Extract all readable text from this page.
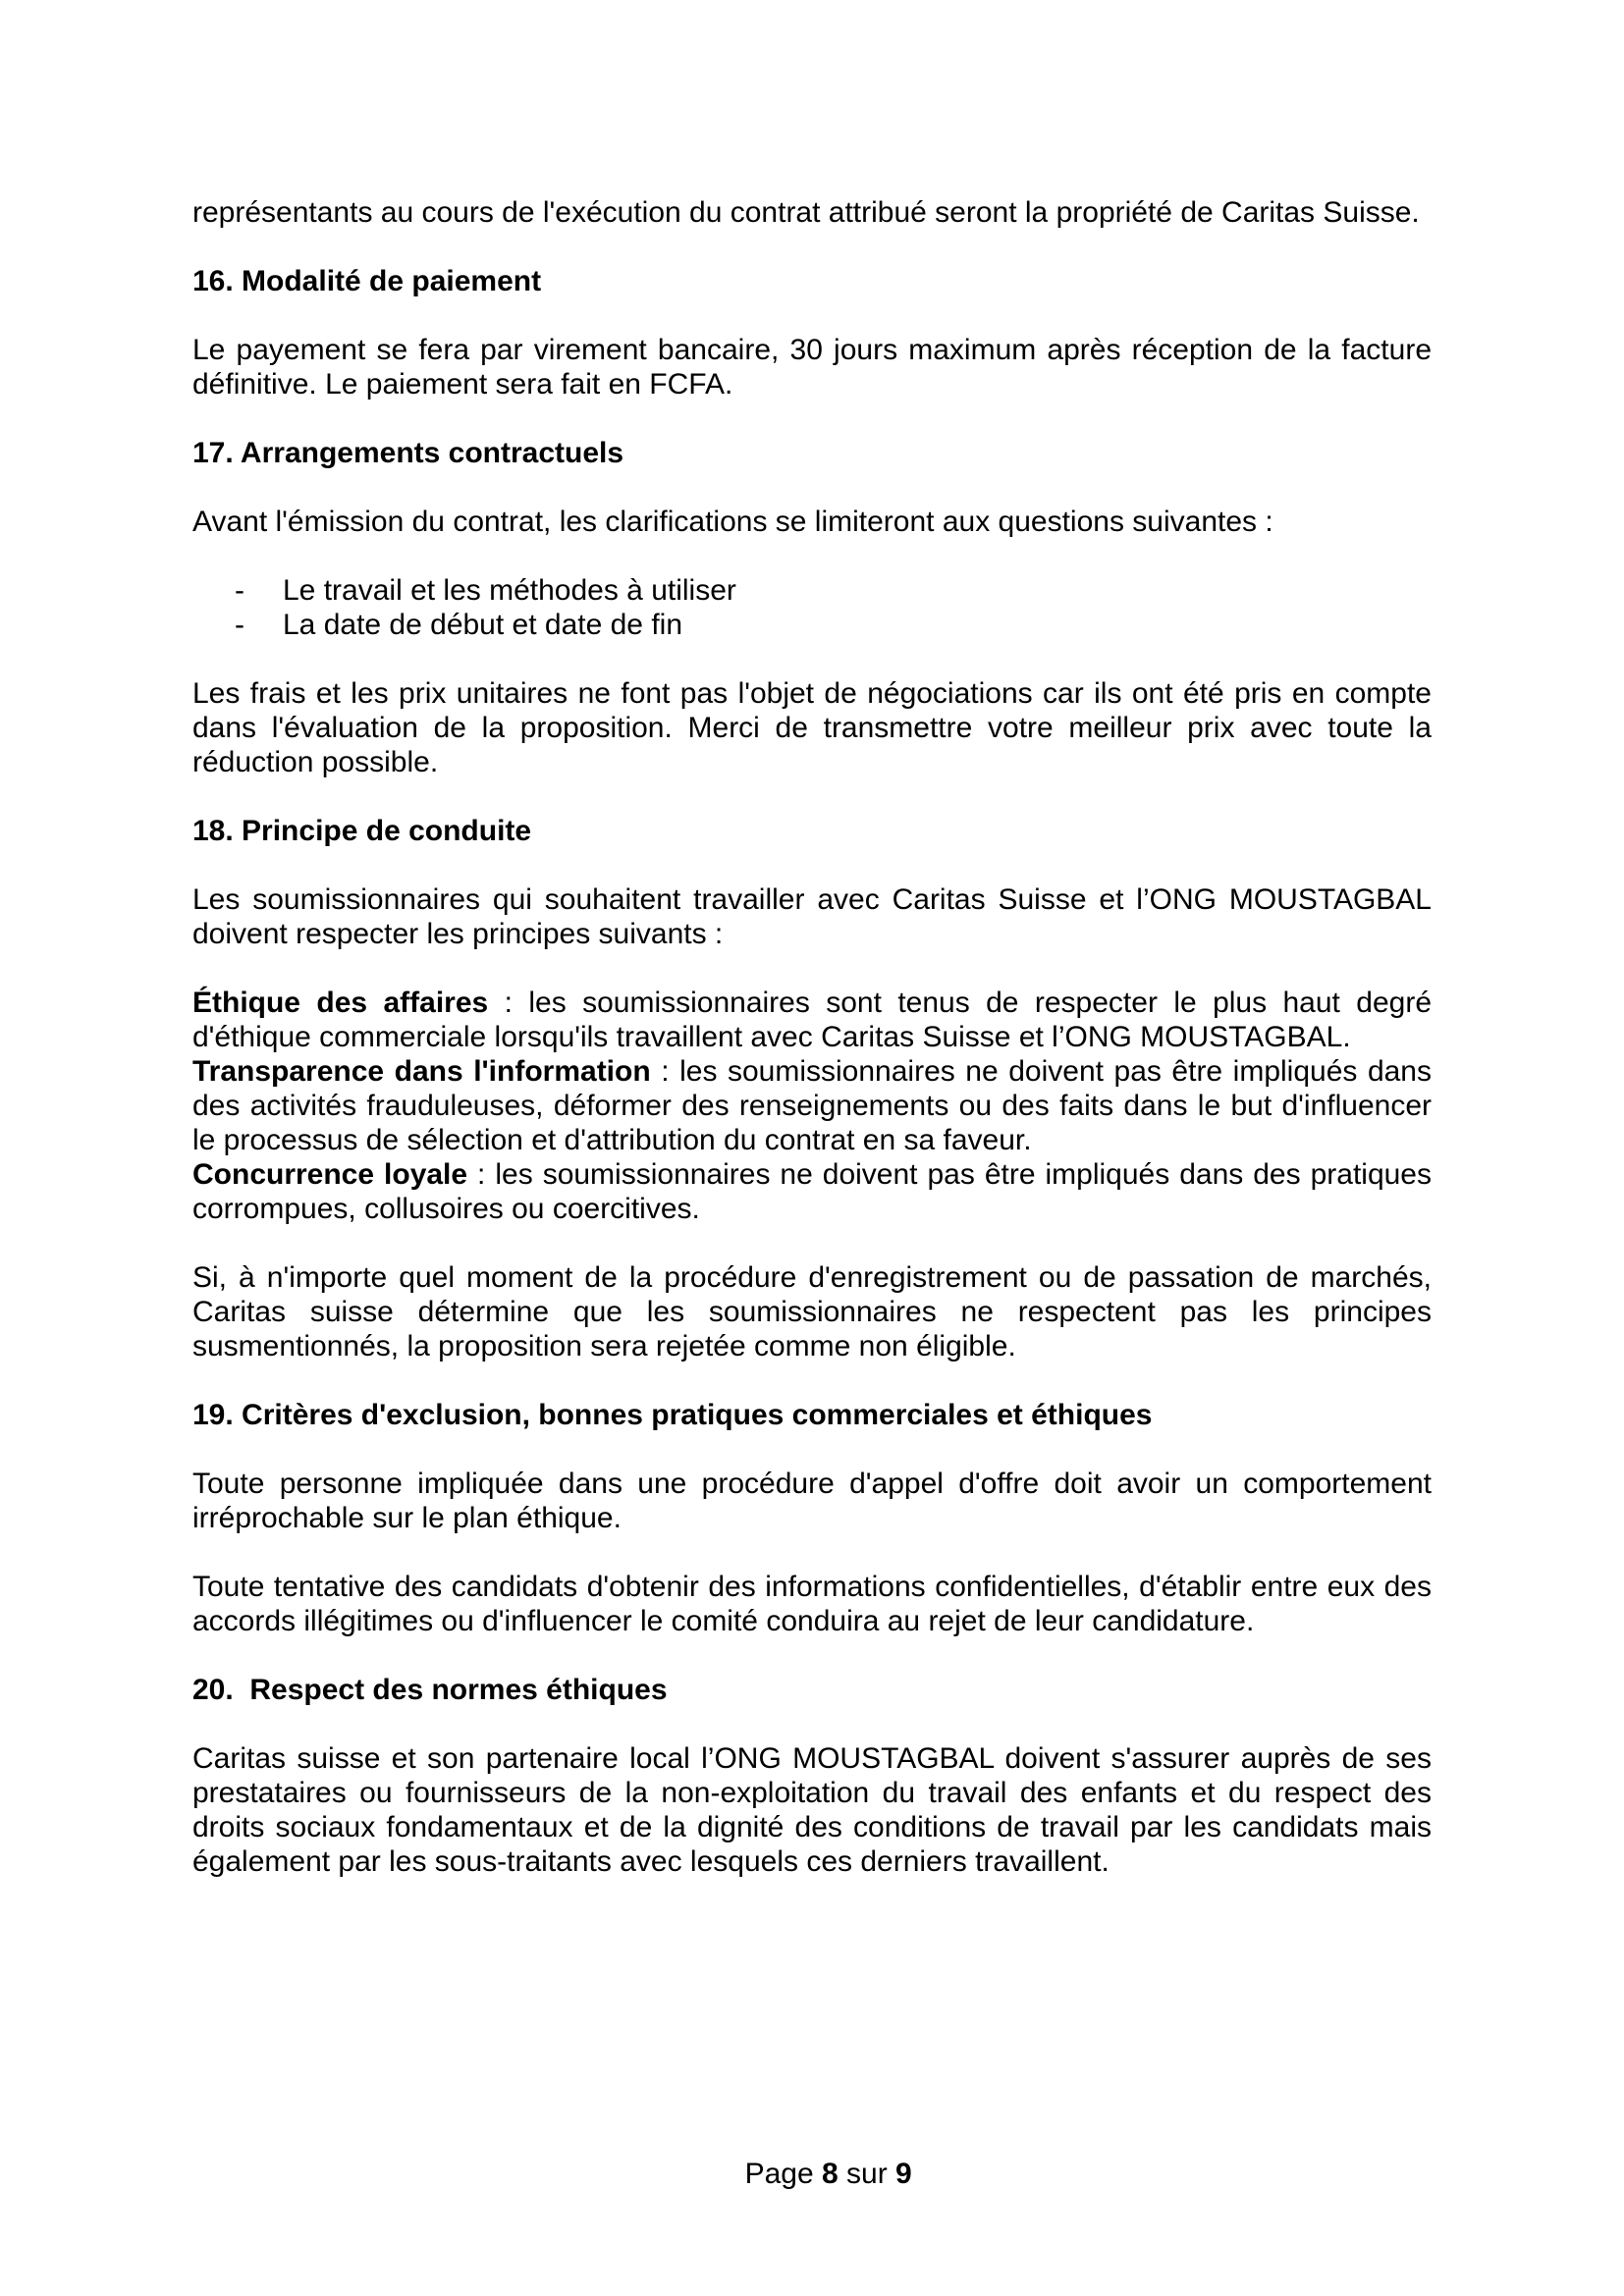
représentants au cours de l'exécution du contrat attribué seront la propriété de Caritas Suisse.

16. Modalité de paiement

Le payement se fera par virement bancaire, 30 jours maximum après réception de la facture définitive. Le paiement sera fait en FCFA.

17. Arrangements contractuels

Avant l'émission du contrat, les clarifications se limiteront aux questions suivantes :

- Le travail et les méthodes à utiliser
- La date de début et date de fin

Les frais et les prix unitaires ne font pas l'objet de négociations car ils ont été pris en compte dans l'évaluation de la proposition. Merci de transmettre votre meilleur prix avec toute la réduction possible.

18. Principe de conduite

Les soumissionnaires qui souhaitent travailler avec Caritas Suisse et l’ONG MOUSTAGBAL doivent respecter les principes suivants :

Éthique des affaires : les soumissionnaires sont tenus de respecter le plus haut degré d'éthique commerciale lorsqu'ils travaillent avec Caritas Suisse et l’ONG MOUSTAGBAL.

Transparence dans l'information : les soumissionnaires ne doivent pas être impliqués dans des activités frauduleuses, déformer des renseignements ou des faits dans le but d'influencer le processus de sélection et d'attribution du contrat en sa faveur.

Concurrence loyale : les soumissionnaires ne doivent pas être impliqués dans des pratiques corrompues, collusoires ou coercitives.

Si, à n'importe quel moment de la procédure d'enregistrement ou de passation de marchés, Caritas suisse détermine que les soumissionnaires ne respectent pas les principes susmentionnés, la proposition sera rejetée comme non éligible.

19. Critères d'exclusion, bonnes pratiques commerciales et éthiques

Toute personne impliquée dans une procédure d'appel d'offre doit avoir un comportement irréprochable sur le plan éthique.

Toute tentative des candidats d'obtenir des informations confidentielles, d'établir entre eux des accords illégitimes ou d'influencer le comité conduira au rejet de leur candidature.

20.  Respect des normes éthiques

Caritas suisse et son partenaire local l’ONG MOUSTAGBAL doivent s'assurer auprès de ses prestataires ou fournisseurs de la non-exploitation du travail des enfants et du respect des droits sociaux fondamentaux et de la dignité des conditions de travail par les candidats mais également par les sous-traitants avec lesquels ces derniers travaillent.

Page 8 sur 9
